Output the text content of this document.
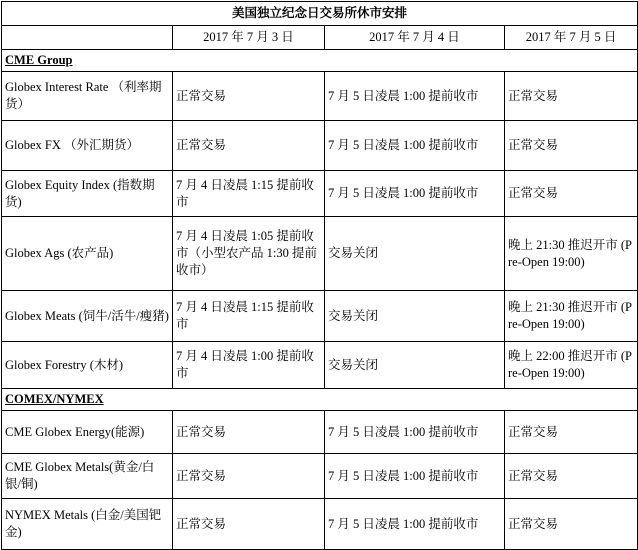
美国独立纪念日交易所休市安排			
	2017 年 7 月 3 日	2017 年 7 月 4 日	2017 年 7 月 5 日
CME Group			
Globex Interest Rate （利率期货）	正常交易	7 月 5 日凌晨 1:00 提前收市	正常交易
Globex FX （外汇期货）	正常交易	7 月 5 日凌晨 1:00 提前收市	正常交易
Globex Equity Index (指数期货)	7 月 4 日凌晨 1:15 提前收市	7 月 5 日凌晨 1:00 提前收市	正常交易
Globex Ags (农产品)	7 月 4 日凌晨 1:05 提前收市（小型农产品 1:30 提前收市）	交易关闭	晚上 21:30 推迟开市 (Pre-Open 19:00)
Globex Meats (饲牛/活牛/瘦猪)	7 月 4 日凌晨 1:15 提前收市	交易关闭	晚上 21:30 推迟开市 (Pre-Open 19:00)
Globex Forestry (木材)	7 月 4 日凌晨 1:00 提前收市	交易关闭	晚上 22:00 推迟开市 (Pre-Open 19:00)
COMEX/NYMEX			
CME Globex Energy(能源)	正常交易	7 月 5 日凌晨 1:00 提前收市	正常交易
CME Globex Metals(黄金/白银/铜)	正常交易	7 月 5 日凌晨 1:00 提前收市	正常交易
NYMEX Metals (白金/美国钯金)	正常交易	7 月 5 日凌晨 1:00 提前收市	正常交易
